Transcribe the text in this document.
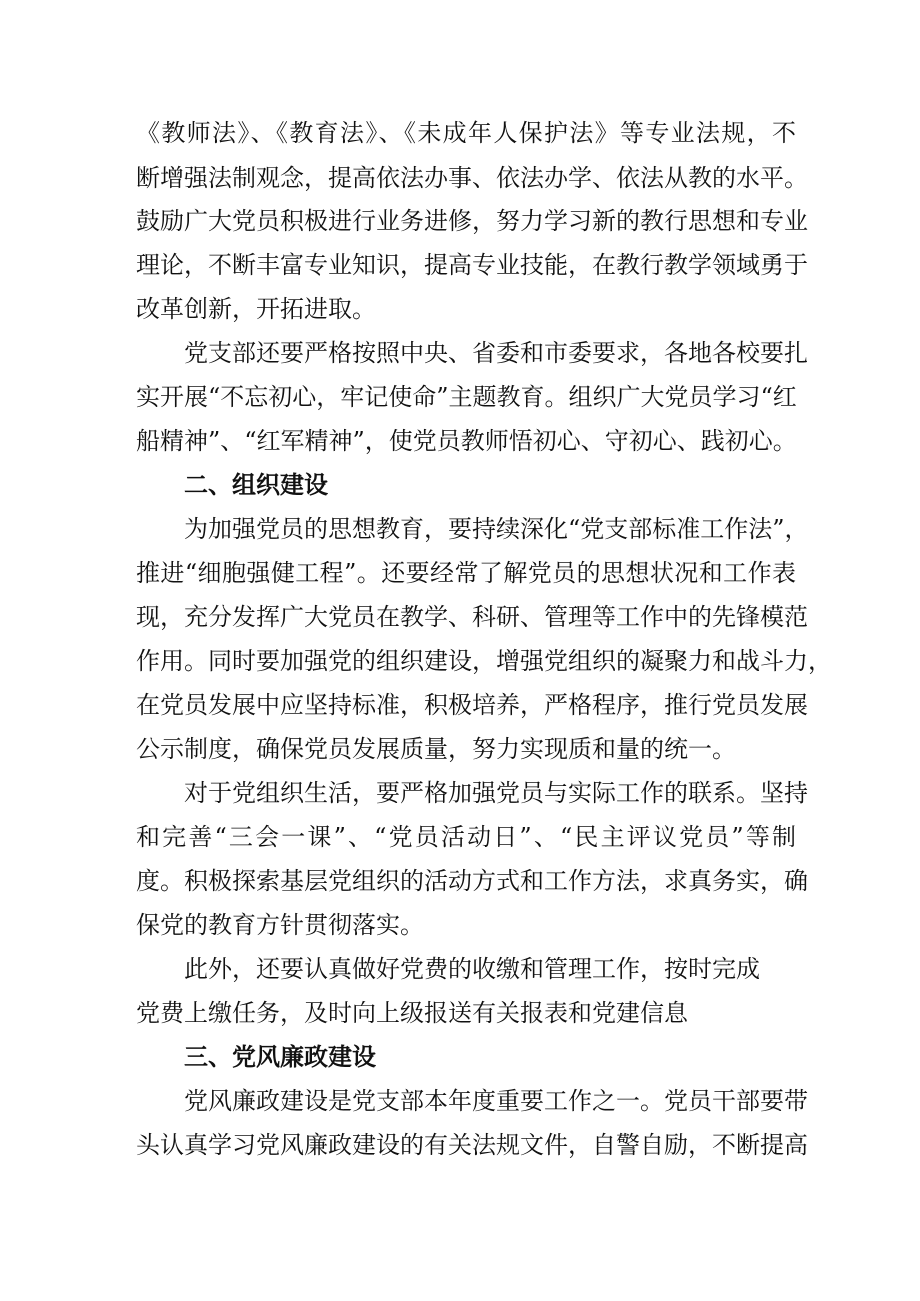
《教师法》、《教育法》、《未成年人保护法》等专业法规，不

断增强法制观念，提高依法办事、依法办学、依法从教的水平。

鼓励广大党员积极进行业务进修，努力学习新的教行思想和专业

理论，不断丰富专业知识，提高专业技能，在教行教学领域勇于

改革创新，开拓进取。

党支部还要严格按照中央、省委和市委要求，各地各校要扎

实开展“不忘初心，牢记使命”主题教育。组织广大党员学习“红

船精神”、“红军精神”，使党员教师悟初心、守初心、践初心。

二、组织建设

为加强党员的思想教育，要持续深化“党支部标准工作法”，

推进“细胞强健工程”。还要经常了解党员的思想状况和工作表

现，充分发挥广大党员在教学、科研、管理等工作中的先锋模范

作用。同时要加强党的组织建设，增强党组织的凝聚力和战斗力，

在党员发展中应坚持标准，积极培养，严格程序，推行党员发展

公示制度，确保党员发展质量，努力实现质和量的统一。

对于党组织生活，要严格加强党员与实际工作的联系。坚持

和完善“三会一课”、“党员活动日”、“民主评议党员”等制

度。积极探索基层党组织的活动方式和工作方法，求真务实，确

保党的教育方针贯彻落实。

此外，还要认真做好党费的收缴和管理工作，按时完成

党费上缴任务，及时向上级报送有关报表和党建信息

三、党风廉政建设

党风廉政建设是党支部本年度重要工作之一。党员干部要带

头认真学习党风廉政建设的有关法规文件，自警自励，不断提高
